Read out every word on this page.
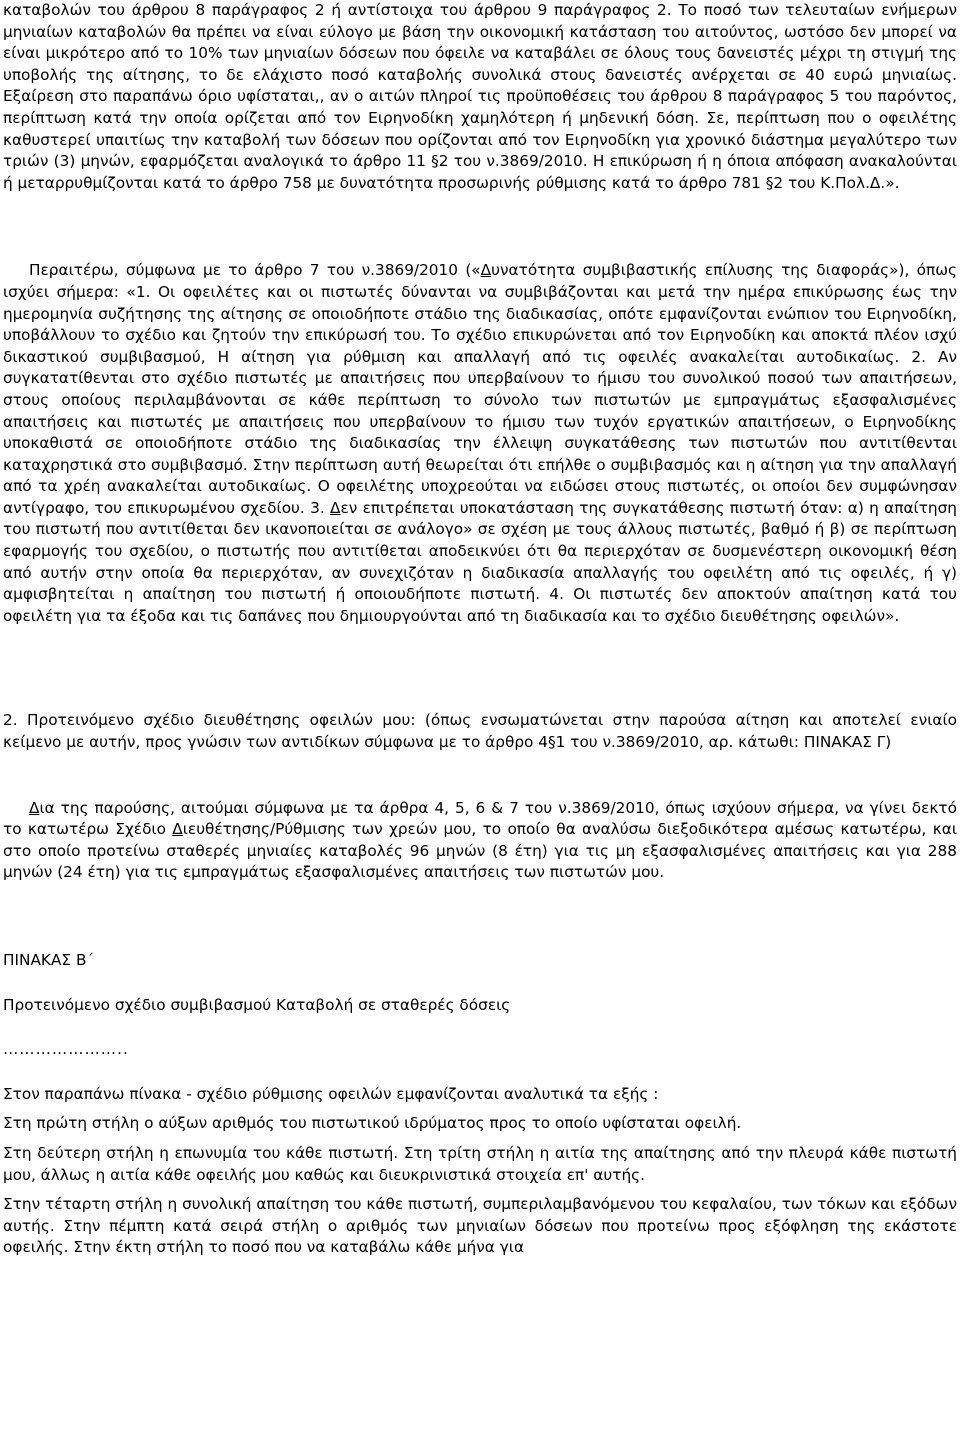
καταβολών του άρθρου 8 παράγραφος 2 ή αντίστοιχα του άρθρου 9 παράγραφος 2. Το ποσό των τελευταίων ενήμερων μηνιαίων καταβολών θα πρέπει να είναι εύλογο με βάση την οικονομική κατάσταση του αιτούντος, ωστόσο δεν μπορεί να είναι μικρότερο από το 10% των μηνιαίων δόσεων που όφειλε να καταβάλει σε όλους τους δανειστές μέχρι τη στιγμή της υποβολής της αίτησης, το δε ελάχιστο ποσό καταβολής συνολικά στους δανειστές ανέρχεται σε 40 ευρώ μηνιαίως. Εξαίρεση στο παραπάνω όριο υφίσταται,, αν ο αιτών πληροί τις προϋποθέσεις του άρθρου 8 παράγραφος 5 του παρόντος, περίπτωση κατά την οποία ορίζεται από τον Ειρηνοδίκη χαμηλότερη ή μηδενική δόση. Σε, περίπτωση που ο οφειλέτης καθυστερεί υπαιτίως την καταβολή των δόσεων που ορίζονται από τον Ειρηνοδίκη για χρονικό διάστημα μεγαλύτερο των τριών (3) μηνών, εφαρμόζεται αναλογικά το άρθρο 11 §2 του ν.3869/2010. Η επικύρωση ή η όποια απόφαση ανακαλούνται ή μεταρρυθμίζονται κατά το άρθρο 758 με δυνατότητα προσωρινής ρύθμισης κατά το άρθρο 781 §2 του Κ.Πολ.Δ.».

Περαιτέρω, σύμφωνα με το άρθρο 7 του ν.3869/2010 («Δυνατότητα συμβιβαστικής επίλυσης της διαφοράς»), όπως ισχύει σήμερα: «1. Οι οφειλέτες και οι πιστωτές δύνανται να συμβιβάζονται και μετά την ημέρα επικύρωσης έως την ημερομηνία συζήτησης της αίτησης σε οποιοδήποτε στάδιο της διαδικασίας, οπότε εμφανίζονται ενώπιον του Ειρηνοδίκη, υποβάλλουν το σχέδιο και ζητούν την επικύρωσή του. Το σχέδιο επικυρώνεται από τον Ειρηνοδίκη και αποκτά πλέον ισχύ δικαστικού συμβιβασμού, Η αίτηση για ρύθμιση και απαλλαγή από τις οφειλές ανακαλείται αυτοδικαίως. 2. Αν συγκατατίθενται στο σχέδιο πιστωτές με απαιτήσεις που υπερβαίνουν το ήμισυ του συνολικού ποσού των απαιτήσεων, στους οποίους περιλαμβάνονται σε κάθε περίπτωση το σύνολο των πιστωτών με εμπραγμάτως εξασφαλισμένες απαιτήσεις και πιστωτές με απαιτήσεις που υπερβαίνουν το ήμισυ των τυχόν εργατικών απαιτήσεων, ο Ειρηνοδίκης υποκαθιστά σε οποιοδήποτε στάδιο της διαδικασίας την έλλειψη συγκατάθεσης των πιστωτών που αντιτίθενται καταχρηστικά στο συμβιβασμό. Στην περίπτωση αυτή θεωρείται ότι επήλθε ο συμβιβασμός και η αίτηση για την απαλλαγή από τα χρέη ανακαλείται αυτοδικαίως. Ο οφειλέτης υποχρεούται να ειδώσει στους πιστωτές, οι οποίοι δεν συμφώνησαν αντίγραφο, του επικυρωμένου σχεδίου. 3. Δεν επιτρέπεται υποκατάσταση της συγκατάθεσης πιστωτή όταν: α) η απαίτηση του πιστωτή που αντιτίθεται δεν ικανοποιείται σε ανάλογο» σε σχέση με τους άλλους πιστωτές, βαθμό ή β) σε περίπτωση εφαρμογής του σχεδίου, ο πιστωτής που αντιτίθεται αποδεικνύει ότι θα περιερχόταν σε δυσμενέστερη οικονομική θέση από αυτήν στην οποία θα περιερχόταν, αν συνεχιζόταν η διαδικασία απαλλαγής του οφειλέτη από τις οφειλές, ή γ) αμφισβητείται η απαίτηση του πιστωτή ή οποιουδήποτε πιστωτή. 4. Οι πιστωτές δεν αποκτούν απαίτηση κατά του οφειλέτη για τα έξοδα και τις δαπάνες που δημιουργούνται από τη διαδικασία και το σχέδιο διευθέτησης οφειλών».

2. Προτεινόμενο σχέδιο διευθέτησης οφειλών μου: (όπως ενσωματώνεται στην παρούσα αίτηση και αποτελεί ενιαίο κείμενο με αυτήν, προς γνώσιν των αντιδίκων σύμφωνα με το άρθρο 4§1 του ν.3869/2010, αρ. κάτωθι: ΠΙΝΑΚΑΣ Γ)

Δια της παρούσης, αιτούμαι σύμφωνα με τα άρθρα 4, 5, 6 & 7 του ν.3869/2010, όπως ισχύουν σήμερα, να γίνει δεκτό το κατωτέρω Σχέδιο Διευθέτησης/Ρύθμισης των χρεών μου, το οποίο θα αναλύσω διεξοδικότερα αμέσως κατωτέρω, και στο οποίο προτείνω σταθερές μηνιαίες καταβολές 96 μηνών (8 έτη) για τις μη εξασφαλισμένες απαιτήσεις και για 288 μηνών (24 έτη) για τις εμπραγμάτως εξασφαλισμένες απαιτήσεις των πιστωτών μου.

ΠΙΝΑΚΑΣ Β΄

Προτεινόμενο σχέδιο συμβιβασμού Καταβολή σε σταθερές δόσεις

…………………..

Στον παραπάνω πίνακα - σχέδιο ρύθμισης οφειλών εμφανίζονται αναλυτικά τα εξής :

Στη πρώτη στήλη ο αύξων αριθμός του πιστωτικού ιδρύματος προς το οποίο υφίσταται οφειλή.

Στη δεύτερη στήλη η επωνυμία του κάθε πιστωτή. Στη τρίτη στήλη η αιτία της απαίτησης από την πλευρά κάθε πιστωτή μου, άλλως η αιτία κάθε οφειλής μου καθώς και διευκρινιστικά στοιχεία επ' αυτής.

Στην τέταρτη στήλη η συνολική απαίτηση του κάθε πιστωτή, συμπεριλαμβανόμενου του κεφαλαίου, των τόκων και εξόδων αυτής. Στην πέμπτη κατά σειρά στήλη ο αριθμός των μηνιαίων δόσεων που προτείνω προς εξόφληση της εκάστοτε οφειλής. Στην έκτη στήλη το ποσό που να καταβάλω κάθε μήνα για
